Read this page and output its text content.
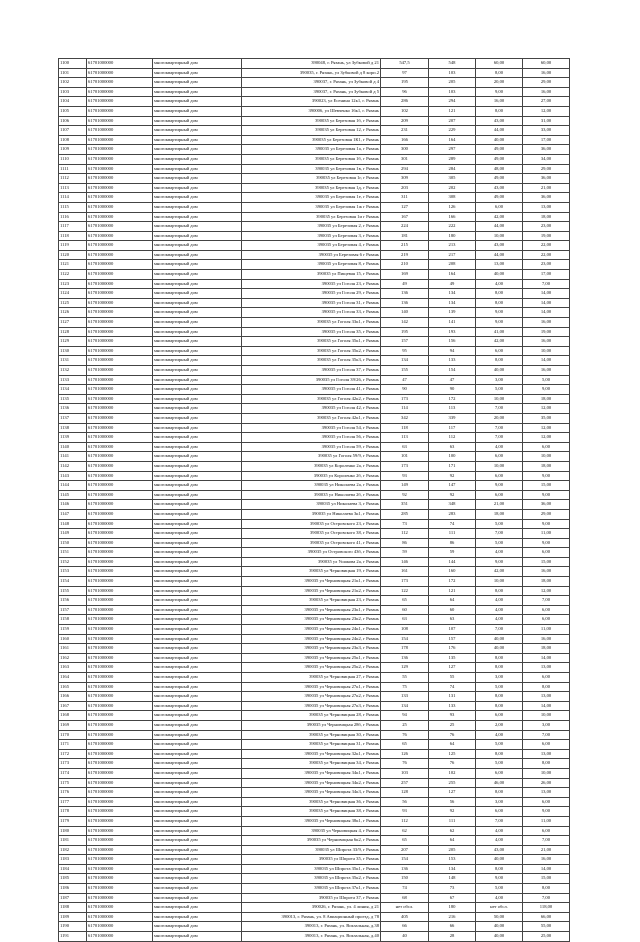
1100	61701000000	многоквартирный дом	390048, г. Рязань, ул Зубковой д 21	547,5	548	60,00	60,00
1101	61701000000	многоквартирный дом	390035, г. Рязань, ул Зубковой д 8 корп.2	97	103	8,00	16,00
1102	61701000000	многоквартирный дом	390037, г. Рязань, ул Зубковой д 4	195	205	20,00	29,00
1103	61701000000	многоквартирный дом	390037, г. Рязань, ул Зубковой д 5	96	103	9,00	16,00
1104	61701000000	многоквартирный дом	390023, ул Есенина 12к1, г. Рязань	286	294	16,00	27,00
1105	61701000000	многоквартирный дом	390006, ул Шевченко 16к1, г. Рязань	102	121	8,00	12,00
1106	61701000000	многоквартирный дом	390035 ул Березовая 1б, г Рязань	209	207	43,00	31,00
1107	61701000000	многоквартирный дом	390035 ул Березовая 12, г Рязань	231	229	44,00	33,00
1108	61701000000	многоквартирный дом	390035 ул Березовая 1К1, г Рязань	166	164	40,00	17,00
1109	61701000000	многоквартирный дом	390035 ул Березовая 1а, г Рязань	300	297	49,00	36,00
1110	61701000000	многоквартирный дом	390035 ул Березовая 1б, г Рязань	301	289	49,00	34,00
1111	61701000000	многоквартирный дом	390035 ул Березовая 1в, г Рязань	294	284	48,00	29,00
1112	61701000000	многоквартирный дом	390035 ул Березовая 1г, г Рязань	309	305	49,00	36,00
1113	61701000000	многоквартирный дом	390035 ул Березовая 1д, г Рязань	203	202	43,00	21,00
1114	61701000000	многоквартирный дом	390035 ул Березовая 1е, г Рязань	311	308	49,00	36,00
1115	61701000000	многоквартирный дом	390035 ул Березовая 1ж г Рязань	127	126	6,00	13,00
1116	61701000000	многоквартирный дом	390035 ул Березовая 1и г Рязань	167	166	42,00	18,00
1117	61701000000	многоквартирный дом	390035 ул Березовая 2, г Рязань	224	222	44,00	23,00
1118	61701000000	многоквартирный дом	390035 ул Березовая 3, г Рязань	181	180	10,00	19,00
1119	61701000000	многоквартирный дом	390035 ул Березовая 4, г Рязань	215	213	43,00	22,00
1120	61701000000	многоквартирный дом	390035 ул Березовая 6 г Рязань	219	217	44,00	22,00
1121	61701000000	многоквартирный дом	390035 ул Березовая 8, г Рязань	210	208	13,00	23,00
1122	61701000000	многоквартирный дом	390035 ул Пищевая 15, г Рязань	169	164	40,00	17,00
1123	61701000000	многоквартирный дом	390035 ул Гоголя 23, г Рязань	49	49	4,00	7,00
1124	61701000000	многоквартирный дом	390035 ул Гоголя 29, г Рязань	136	134	8,00	14,00
1125	61701000000	многоквартирный дом	390035 ул Гоголя 31, г Рязань	136	134	8,00	14,00
1126	61701000000	многоквартирный дом	390035 ул Гоголя 33, г Рязань	140	139	9,00	14,00
1127	61701000000	многоквартирный дом	390035 ул Гоголя 33к1, г Рязань	142	141	9,00	16,00
1128	61701000000	многоквартирный дом	390035 ул Гоголя 35, г Рязань	195	193	41,00	19,00
1129	61701000000	многоквартирный дом	390035 ул Гоголя 35к1, г Рязань	157	156	42,00	16,00
1130	61701000000	многоквартирный дом	390035 ул Гоголя 35к2, г Рязань	95	94	6,00	10,00
1131	61701000000	многоквартирный дом	390035 ул Гоголя 35к3, г Рязань	134	133	8,00	14,00
1132	61701000000	многоквартирный дом	390035 ул Гоголя 37, г Рязань	155	154	40,00	16,00
1133	61701000000	многоквартирный дом	390035 ул Гоголя 39/26, г Рязань	47	47	3,00	5,00
1134	61701000000	многоквартирный дом	390035 ул Гоголя 41, г Рязань	90	90	5,00	9,00
1135	61701000000	многоквартирный дом	390035 ул Гоголя 42к2, г Рязань	173	172	10,00	18,00
1136	61701000000	многоквартирный дом	390035 ул Гоголя 42, г Рязань	114	113	7,00	12,00
1137	61701000000	многоквартирный дом	390035 ул Гоголя 42к1, г Рязань	342	339	20,00	35,00
1138	61701000000	многоквартирный дом	390035 ул Гоголя 54, г Рязань	118	117	7,00	12,00
1139	61701000000	многоквартирный дом	390035 ул Гоголя 56, г Рязань	113	112	7,00	12,00
1140	61701000000	многоквартирный дом	390035 ул Гоголя 59, г Рязань	63	63	4,00	6,00
1141	61701000000	многоквартирный дом	390035 ул Гоголя 59/9, г Рязань	101	100	6,00	10,00
1142	61701000000	многоквартирный дом	390035 ул Короленко 2а, г Рязань	173	171	10,00	18,00
1143	61701000000	многоквартирный дом	390035 ул Короленко 2б, г Рязань	93	92	6,00	9,00
1144	61701000000	многоквартирный дом	390035 ул Николаева 2а, г Рязань	149	147	9,00	15,00
1145	61701000000	многоквартирный дом	390035 ул Николаева 2б, г Рязань	92	92	6,00	9,00
1146	61701000000	многоквартирный дом	390035 ул Николаева 3, г Рязань	351	348	21,00	36,00
1147	61701000000	многоквартирный дом	390035 ул Николаева 3к1, г Рязань	285	283	18,00	29,00
1148	61701000000	многоквартирный дом	390035 ул Островского 23, г Рязань	73	74	5,00	9,00
1149	61701000000	многоквартирный дом	390035 ул Островского 38, г Рязань	112	111	7,00	11,00
1150	61701000000	многоквартирный дом	390035 ул Островского 41, г Рязань	86	86	5,00	9,00
1151	61701000000	многоквартирный дом	390035 ул Островского 43б, г Рязань	59	59	4,00	6,00
1152	61701000000	многоквартирный дом	390035 ул Ушакова 2а, г Рязань	146	144	9,00	15,00
1153	61701000000	многоквартирный дом	390035 ул Черновицкая 19, г Рязань	161	160	42,00	16,00
1154	61701000000	многоквартирный дом	390035 ул Черновицкая 21к1, г Рязань	173	172	10,00	18,00
1155	61701000000	многоквартирный дом	390035 ул Черновицкая 21к2, г Рязань	122	121	8,00	12,00
1156	61701000000	многоквартирный дом	390035 ул Черновицкая 23, г Рязань	65	64	4,00	7,00
1157	61701000000	многоквартирный дом	390035 ул Черновицкая 23к1, г Рязань	60	60	4,00	6,00
1158	61701000000	многоквартирный дом	390035 ул Черновицкая 23к2, г Рязань	63	63	4,00	6,00
1159	61701000000	многоквартирный дом	390035 ул Черновицкая 24к1, г Рязань	108	107	7,00	11,00
1160	61701000000	многоквартирный дом	390035 ул Черновицкая 24к2, г Рязань	154	157	40,00	16,00
1161	61701000000	многоквартирный дом	390035 ул Черновицкая 23к3, г Рязань	178	176	40,00	18,00
1162	61701000000	многоквартирный дом	390035 ул Черновицкая 25к1, г Рязань	136	135	8,00	14,00
1163	61701000000	многоквартирный дом	390035 ул Черновицкая 25к2, г Рязань	129	127	8,00	13,00
1164	61701000000	многоквартирный дом	390035 ул Черновицкая 27, г Рязань	55	55	3,00	6,00
1165	61701000000	многоквартирный дом	390035 ул Черновицкая 27к1, г Рязань	75	74	5,00	8,00
1166	61701000000	многоквартирный дом	390035 ул Черновицкая 27к2, г Рязань	133	131	8,00	13,00
1167	61701000000	многоквартирный дом	390035 ул Черновицкая 27к3, г Рязань	134	133	8,00	14,00
1168	61701000000	многоквартирный дом	390035 ул Черновицкая 28, г Рязань	94	93	6,00	10,00
1169	61701000000	многоквартирный дом	390035 ул Черновицкая 28б, г Рязань	25	25	2,00	3,00
1170	61701000000	многоквартирный дом	390035 ул Черновицкая 30, г Рязань	76	76	4,00	7,00
1171	61701000000	многоквартирный дом	390035 ул Черновицкая 31, г Рязань	65	64	5,00	6,00
1172	61701000000	многоквартирный дом	390035 ул Черновицкая 32к1, г Рязань	126	125	8,00	13,00
1173	61701000000	многоквартирный дом	390035 ул Черновицкая 34, г Рязань	76	76	5,00	8,00
1174	61701000000	многоквартирный дом	390035 ул Черновицкая 34к1, г Рязань	103	102	6,00	10,00
1175	61701000000	многоквартирный дом	390035 ул Черновицкая 34к2, г Рязань	257	255	46,00	26,00
1176	61701000000	многоквартирный дом	390035 ул Черновицкая 34к3, г Рязань	128	127	8,00	13,00
1177	61701000000	многоквартирный дом	390035 ул Черновицкая 36, г Рязань	56	56	3,00	6,00
1178	61701000000	многоквартирный дом	390035 ул Черновицкая 38, г Рязань	93	92	6,00	9,00
1179	61701000000	многоквартирный дом	390035 ул Черновицкая 38к1, г Рязань	112	111	7,00	11,00
1180	61701000000	многоквартирный дом	390035 ул Черновицкая 4, г Рязань	62	62	4,00	6,00
1181	61701000000	многоквартирный дом	390035 ул Черновицкая 6к2, г Рязань	65	64	4,00	7,00
1182	61701000000	многоквартирный дом	390035 ул Шпрота 33/9, г Рязань	207	205	43,00	21,00
1183	61701000000	многоквартирный дом	390035 ул Шпрота 35, г Рязань	154	153	40,00	16,00
1184	61701000000	многоквартирный дом	390035 ул Шпрота 35к1, г Рязань	136	134	8,00	14,00
1185	61701000000	многоквартирный дом	390035 ул Шпрота 35к2, г Рязань	150	148	9,00	15,00
1186	61701000000	многоквартирный дом	390035 ул Шпрота 37к1, г Рязань	74	73	5,00	8,00
1187	61701000000	многоквартирный дом	390035 ул Шпрота 37, г Рязань	68	67	4,00	7,00
1188	61701000000	многоквартирный дом	390026, г. Рязань, ул. 4 линия, д 21	нет обсл.	180	нет обсл.	118,00
1189	61701000000	многоквартирный дом	390013, г. Рязань, ул. 8 Авиационный проезд, д 78	405	216	50,00	66,00
1190	61701000000	многоквартирный дом	390013, г. Рязань, ул. Вокзальная, д.38	66	66	40,00	55,00
1191	61701000000	многоквартирный дом	390013, г. Рязань, ул. Вокзальная, д.40	40	28	40,00	25,00
